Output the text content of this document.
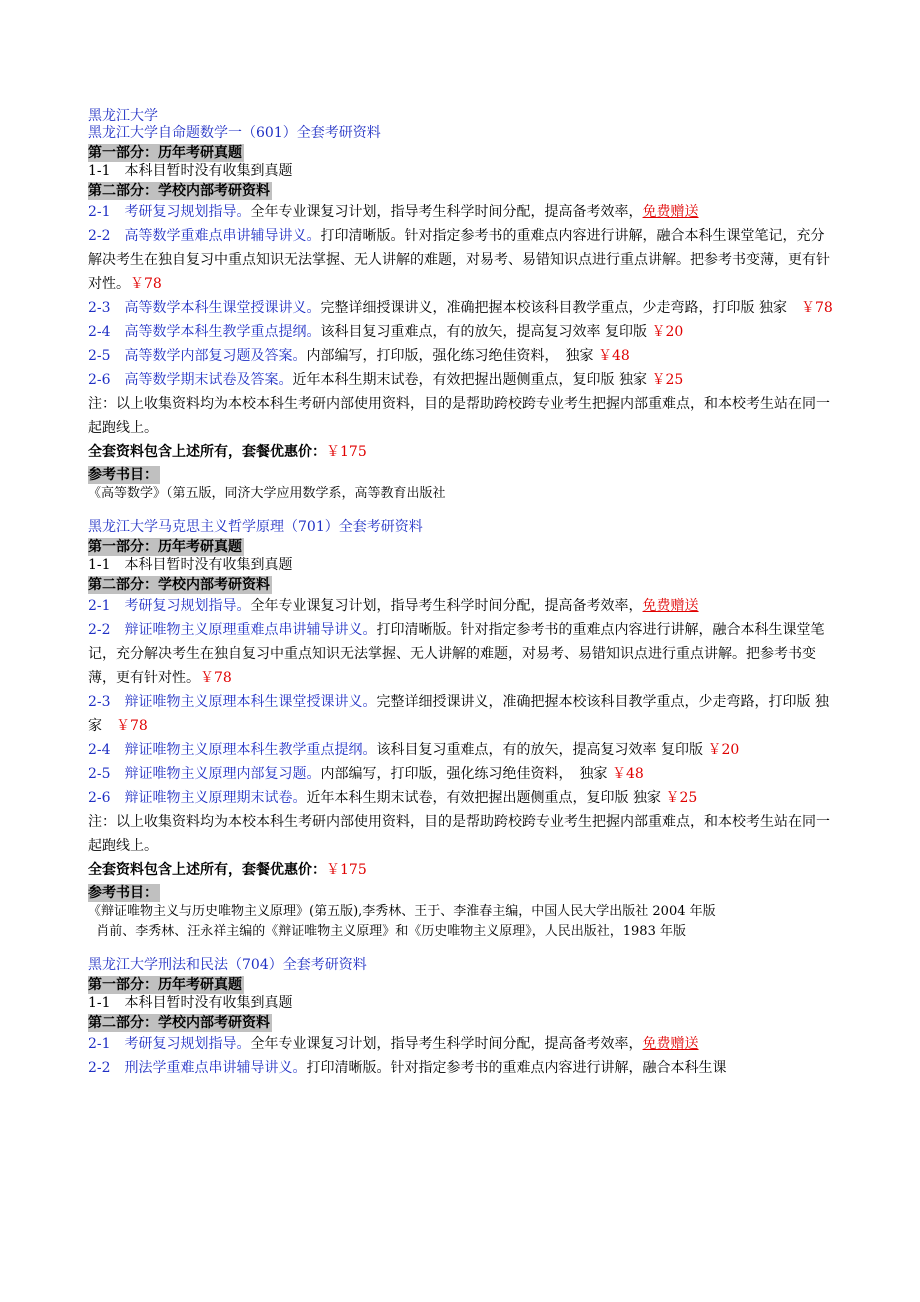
黑龙江大学
黑龙江大学自命题数学一（601）全套考研资料
第一部分：历年考研真题
1-1　本科目暂时没有收集到真题
第二部分：学校内部考研资料
2-1　 考研复习规划指导。全年专业课复习计划，指导考生科学时间分配，提高备考效率，免费赠送
2-2　 高等数学重难点串讲辅导讲义。打印清晰版。针对指定参考书的重难点内容进行讲解，融合本科生课堂笔记，充分解决考生在独自复习中重点知识无法掌握、无人讲解的难题，对易考、易错知识点进行重点讲解。把参考书变薄，更有针对性。￥78
2-3　 高等数学本科生课堂授课讲义。完整详细授课讲义，准确把握本校该科目教学重点，少走弯路，打印版 独家　￥78
2-4　 高等数学本科生教学重点提纲。该科目复习重难点，有的放矢，提高复习效率 复印版 ￥20
2-5　 高等数学内部复习题及答案。内部编写，打印版，强化练习绝佳资料，　独家 ￥48
2-6　 高等数学期末试卷及答案。近年本科生期末试卷，有效把握出题侧重点，复印版 独家 ￥25
注：以上收集资料均为本校本科生考研内部使用资料，目的是帮助跨校跨专业考生把握内部重难点，和本校考生站在同一起跑线上。
全套资料包含上述所有，套餐优惠价：￥175
参考书目：
《高等数学》（第五版，同济大学应用数学系，高等教育出版社
黑龙江大学马克思主义哲学原理（701）全套考研资料
第一部分：历年考研真题
1-1　本科目暂时没有收集到真题
第二部分：学校内部考研资料
2-1　 考研复习规划指导。全年专业课复习计划，指导考生科学时间分配，提高备考效率，免费赠送
2-2　 辩证唯物主义原理重难点串讲辅导讲义。打印清晰版。针对指定参考书的重难点内容进行讲解，融合本科生课堂笔记，充分解决考生在独自复习中重点知识无法掌握、无人讲解的难题，对易考、易错知识点进行重点讲解。把参考书变薄，更有针对性。￥78
2-3　 辩证唯物主义原理本科生课堂授课讲义。完整详细授课讲义，准确把握本校该科目教学重点，少走弯路，打印版 独家　￥78
2-4　 辩证唯物主义原理本科生教学重点提纲。该科目复习重难点，有的放矢，提高复习效率 复印版 ￥20
2-5　 辩证唯物主义原理内部复习题。内部编写，打印版，强化练习绝佳资料，　独家 ￥48
2-6　 辩证唯物主义原理期末试卷。近年本科生期末试卷，有效把握出题侧重点，复印版 独家 ￥25
注：以上收集资料均为本校本科生考研内部使用资料，目的是帮助跨校跨专业考生把握内部重难点，和本校考生站在同一起跑线上。
全套资料包含上述所有，套餐优惠价：￥175
参考书目：
《辩证唯物主义与历史唯物主义原理》(第五版),李秀林、王于、李淮春主编，中国人民大学出版社 2004 年版
肖前、李秀林、汪永祥主编的《辩证唯物主义原理》和《历史唯物主义原理》，人民出版社，1983 年版
黑龙江大学刑法和民法（704）全套考研资料
第一部分：历年考研真题
1-1　本科目暂时没有收集到真题
第二部分：学校内部考研资料
2-1　 考研复习规划指导。全年专业课复习计划，指导考生科学时间分配，提高备考效率，免费赠送
2-2　 刑法学重难点串讲辅导讲义。打印清晰版。针对指定参考书的重难点内容进行讲解，融合本科生课
